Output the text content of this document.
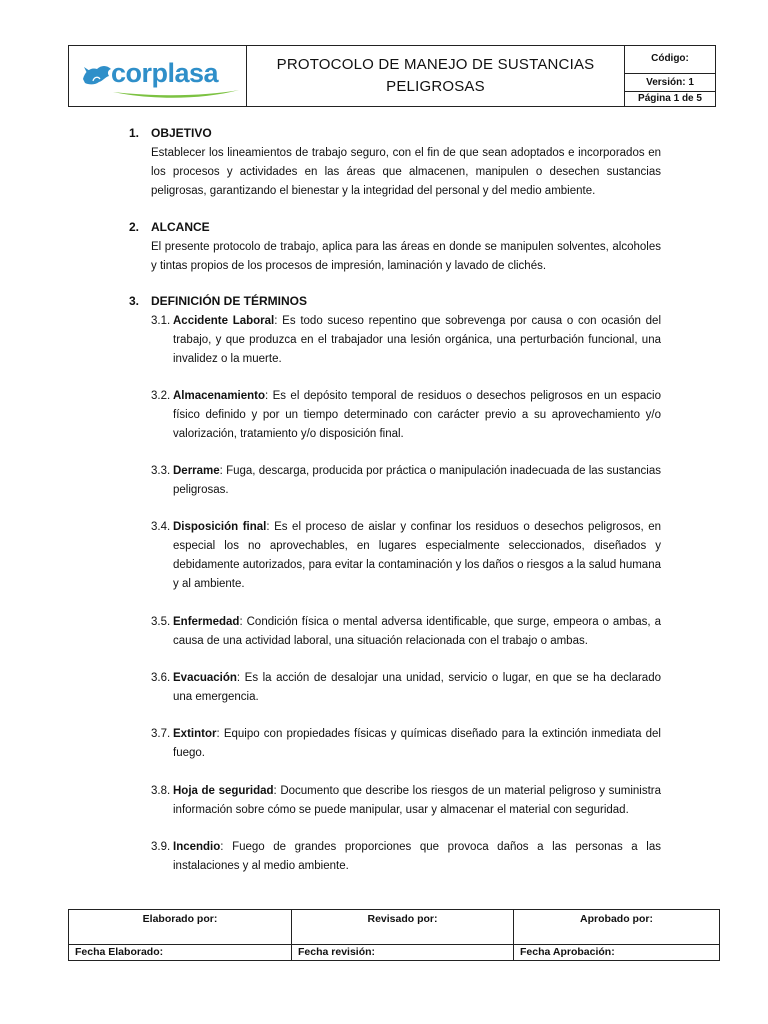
corplasa	PROTOCOLO DE MANEJO DE SUSTANCIAS
PELIGROSAS
Código:
Versión: 1
Página 1 de 5
1. OBJETIVO
Establecer los lineamientos de trabajo seguro, con el fin de que sean adoptados e incorporados en los procesos y actividades en las áreas que almacenen, manipulen o desechen sustancias peligrosas, garantizando el bienestar y la integridad del personal y del medio ambiente.
2. ALCANCE
El presente protocolo de trabajo, aplica para las áreas en donde se manipulen solventes, alcoholes y tintas propios de los procesos de impresión, laminación y lavado de clichés.
3. DEFINICIÓN DE TÉRMINOS
3.1. Accidente Laboral: Es todo suceso repentino que sobrevenga por causa o con ocasión del trabajo, y que produzca en el trabajador una lesión orgánica, una perturbación funcional, una invalidez o la muerte.
3.2. Almacenamiento: Es el depósito temporal de residuos o desechos peligrosos en un espacio físico definido y por un tiempo determinado con carácter previo a su aprovechamiento y/o valorización, tratamiento y/o disposición final.
3.3. Derrame: Fuga, descarga, producida por práctica o manipulación inadecuada de las sustancias peligrosas.
3.4. Disposición final: Es el proceso de aislar y confinar los residuos o desechos peligrosos, en especial los no aprovechables, en lugares especialmente seleccionados, diseñados y debidamente autorizados, para evitar la contaminación y los daños o riesgos a la salud humana y al ambiente.
3.5. Enfermedad: Condición física o mental adversa identificable, que surge, empeora o ambas, a causa de una actividad laboral, una situación relacionada con el trabajo o ambas.
3.6. Evacuación: Es la acción de desalojar una unidad, servicio o lugar, en que se ha declarado una emergencia.
3.7. Extintor: Equipo con propiedades físicas y químicas diseñado para la extinción inmediata del fuego.
3.8. Hoja de seguridad: Documento que describe los riesgos de un material peligroso y suministra información sobre cómo se puede manipular, usar y almacenar el material con seguridad.
3.9. Incendio: Fuego de grandes proporciones que provoca daños a las personas a las instalaciones y al medio ambiente.
Elaborado por:	Revisado por:	Aprobado por:
Fecha Elaborado:	Fecha revisión:	Fecha Aprobación:
